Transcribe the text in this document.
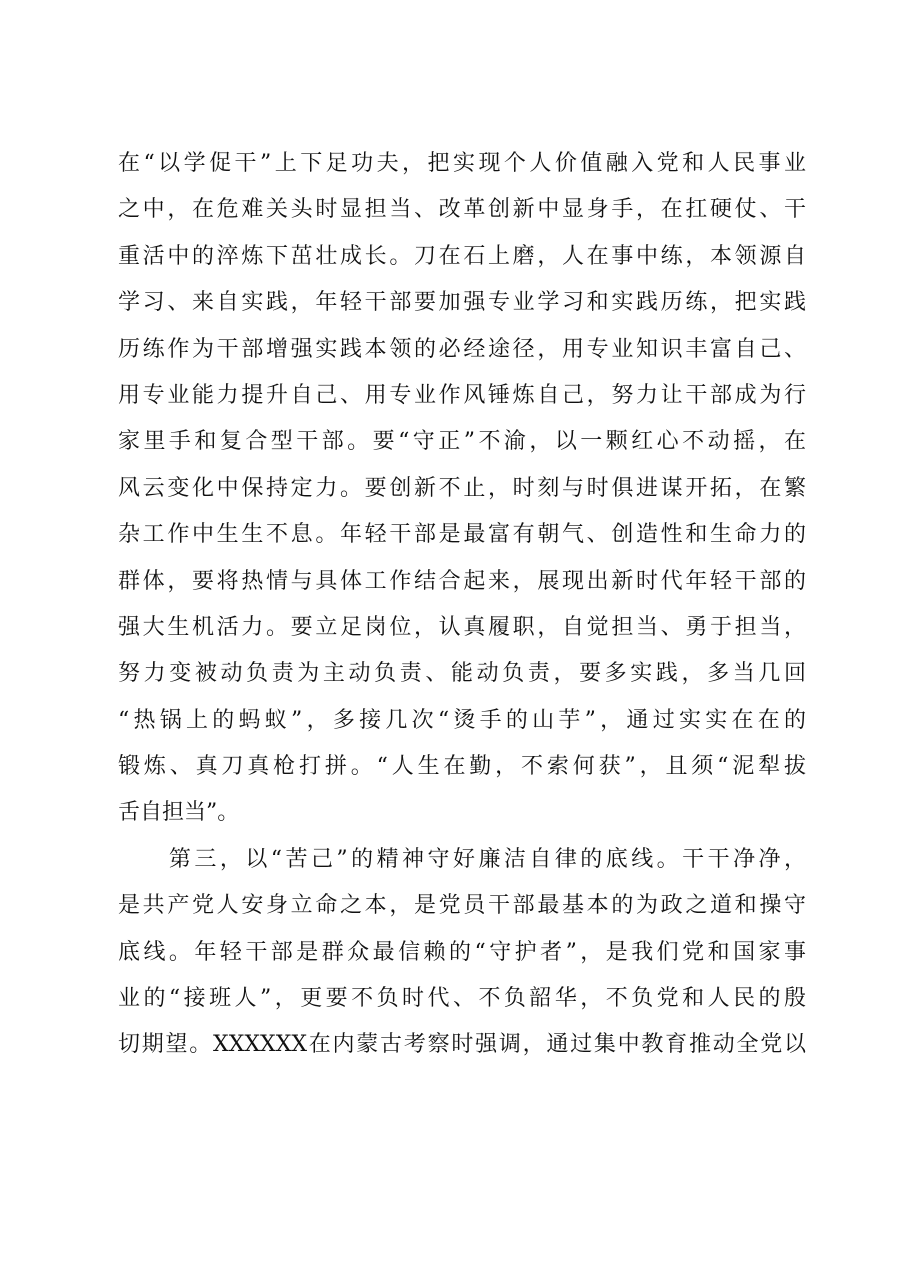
在“以学促干”上下足功夫，把实现个人价值融入党和人民事业
之中，在危难关头时显担当、改革创新中显身手，在扛硬仗、干
重活中的淬炼下茁壮成长。刀在石上磨，人在事中练，本领源自
学习、来自实践，年轻干部要加强专业学习和实践历练，把实践
历练作为干部增强实践本领的必经途径，用专业知识丰富自己、
用专业能力提升自己、用专业作风锤炼自己，努力让干部成为行
家里手和复合型干部。要“守正”不渝，以一颗红心不动摇，在
风云变化中保持定力。要创新不止，时刻与时俱进谋开拓，在繁
杂工作中生生不息。年轻干部是最富有朝气、创造性和生命力的
群体，要将热情与具体工作结合起来，展现出新时代年轻干部的
强大生机活力。要立足岗位，认真履职，自觉担当、勇于担当，
努力变被动负责为主动负责、能动负责，要多实践，多当几回
“热锅上的蚂蚁”，多接几次“烫手的山芋”，通过实实在在的
锻炼、真刀真枪打拼。“人生在勤，不索何获”，且须“泥犁拔
舌自担当”。
　　第三，以“苦己”的精神守好廉洁自律的底线。干干净净，
是共产党人安身立命之本，是党员干部最基本的为政之道和操守
底线。年轻干部是群众最信赖的“守护者”，是我们党和国家事
业的“接班人”，更要不负时代、不负韶华，不负党和人民的殷
切期望。XXXXXX在内蒙古考察时强调，通过集中教育推动全党以
